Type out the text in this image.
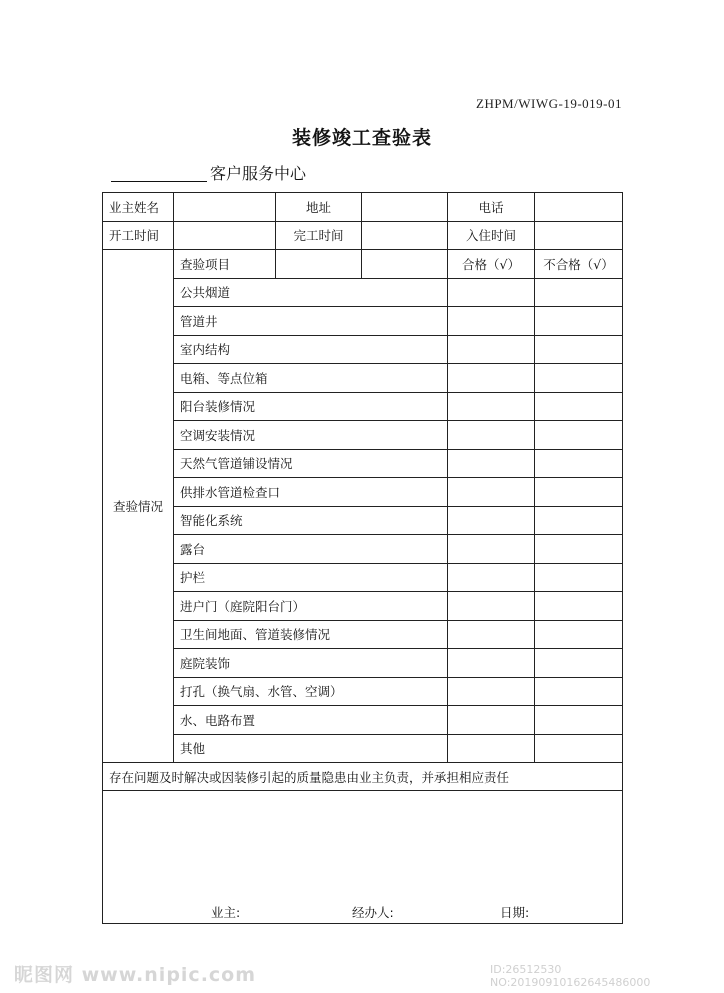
ZHPM/WIWG-19-019-01
装修竣工查验表
客户服务中心
业主姓名		地址		电话	
开工时间		完工时间		入住时间	
查验情况	查验项目			合格（√）	不合格（√）
	公共烟道				
	管道井				
	室内结构				
	电箱、等点位箱				
	阳台装修情况				
	空调安装情况				
	天然气管道铺设情况				
	供排水管道检查口				
	智能化系统				
	露台				
	护栏				
	进户门（庭院阳台门）				
	卫生间地面、管道装修情况				
	庭院装饰				
	打孔（换气扇、水管、空调）				
	水、电路布置				
	其他				
存在问题及时解决或因装修引起的质量隐患由业主负责，并承担相应责任					

业主: 经办人: 日期:					
昵图网 www.nipic.com	ID:26512530 NO:20190910162645486000
